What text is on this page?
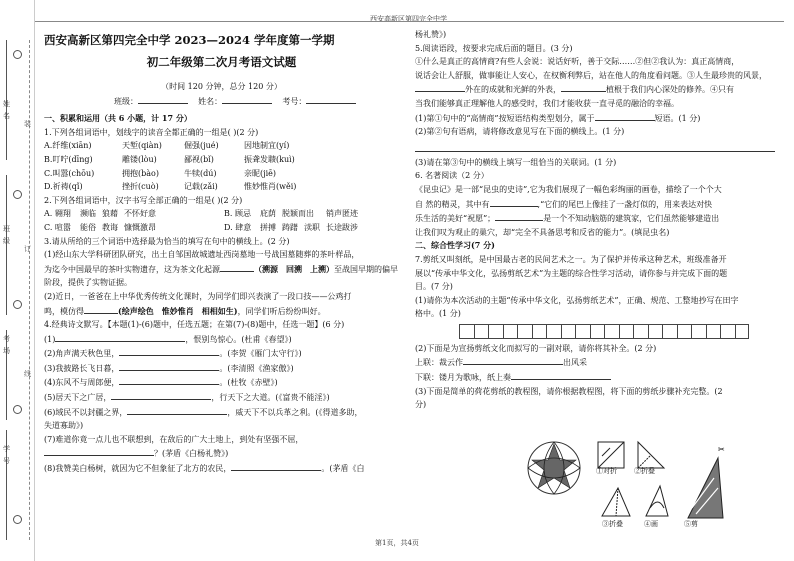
西安高新区第四完全中学
姓
名
班
级
考
场
学
号
装
订
线

西安高新区第四完全中学 2023—2024 学年度第一学期

初二年级第二次月考语文试题

（时间 120 分钟，总分 120 分）

班级：	姓名：	考号：

一、积累和运用（共 6 小题，计 17 分）

1.下列各组词语中，划线字的读音全都正确的一组是( )(2 分)

A.纤维(xiān)	天堑(qiàn)	倔强(jué)	因地制宜(yí)

B.叮咛(dīng)	雕镂(lòu)	鄙视(bǐ)	振聋发聩(kuì)

C.叫嚣(chōu)	拥抱(bào)	牛犊(dú)	亲昵(jiē)

D.祈祷(qǐ)	挫折(cuò)	记载(zǎi)	惟妙惟肖(wěi)

2.下列各组词语中，汉字书写全部正确的一组是( )(2 分)

A. 翱翔 濒临 狼藉 不怀好意	B. 顾忌 庇荫 脱颖而出 销声匿迹

C. 喧嚣 能俗 教诲 慷慨激昂	D. 肆意 拼搏 踌躇 渎职 长途跋涉

3.请从所给的三个词语中选择最为恰当的填写在句中的横线上。(2 分)

(1)经山东大学科研团队研究，出土自邹国故城遗址西岗墓地一号战国墓随葬的茶叶样品，

为迄今中国最早的茶叶实物遗存，这为茶文化起源	（溯源　回溯　上溯）至战国早期的偏早

阶段，提供了实物证据。

(2)近日，一爸爸在上中华优秀传统文化课时，为同学们即兴表演了一段口技——公鸡打

鸣，模仿得	(绘声绘色　惟妙惟肖　相相如生)，同学们听后纷纷叫好。

4.经典诗文默写。【本题(1)-(6)题中，任选五题；在第(7)-(8)题中，任选一题】(6 分)

(1)	，恨别鸟惊心。(杜甫《春望》)

(2)角声满天秋色里，	。(李贺《雁门太守行》)

(3)我披路长飞日暮，	。(李清照《渔家傲》)

(4)东风不与周郎便，	。(杜牧《赤壁》)

(5)居天下之广居，	，行天下之大道。(《富贵不能淫》)

(6)域民不以封疆之界，	，威天下不以兵革之利。(《得道多助，

失道寡助》)

(7)难道你竟一点儿也不联想到，在敌后的广大土地上，到处有坚强不屈，

？(茅盾《白杨礼赞》)

(8)我赞美白杨树，就因为它不但象征了北方的农民，	。(茅盾《白

杨礼赞》)

5.阅读语段，按要求完成后面的题目。(3 分)

①什么是真正的高情商?有些人会说：说话好听，善于交际……②但②我认为：真正高情商，

说话会让人舒服，做事能让人安心，在权衡利弊后，站在他人的角度看问题。③人生最珍贵的风景，

外在的成就和光鲜的外表，	植根于我们内心深处的修养。④只有

当我们能够真正理解他人的感受时，我们才能收获一直寻觅的融洽的幸福。

(1)第①句中的“高情商”按短语结构类型划分，属于	短语。(1 分)

(2)第②句有语病，请将修改意见写在下面的横线上。(1 分)

(3)请在第③句中的横线上填写一组恰当的关联词。(1 分)

6. 名著阅读（2 分）

《昆虫记》是一部“昆虫的史诗”,它为我们展现了一幅色彩绚丽的画卷，描绘了一个个大

自 然的精灵，其中有	,“它们的尾巴上像挂了一盏灯似的，用来表达对快

乐生活的美好“祝愿”；	是一个不知动脑筋的建筑家，它们虽然能够建造出

让我们叹为观止的巢穴，却“完全不具备思考和反省的能力”。(填昆虫名)

二、综合性学习(7 分)

7.剪纸又叫刻纸，是中国最古老的民间艺术之一。为了保护并传承这种艺术，班级准备开

展以“传承中华文化，弘扬剪纸艺术”为主题的综合性学习活动，请你参与并完成下面的题

目。(7 分)

(1)请你为本次活动的主题“传承中华文化，弘扬剪纸艺术”，正确、规范、工整地抄写在田字

格中。(1 分)

(2)下面是为宣扬剪纸文化而拟写的一副对联，请你将其补全。(2 分)

上联：裁云作	出风采

下联：镂月为歌咏，纸上奏

(3)下面是简单的荷花剪纸的教程图，请你根据教程图，将下面的剪纸步骤补充完整。(2

分)

✂
①对折 ②折叠
③折叠	④画	⑤剪
第1页，共4页
